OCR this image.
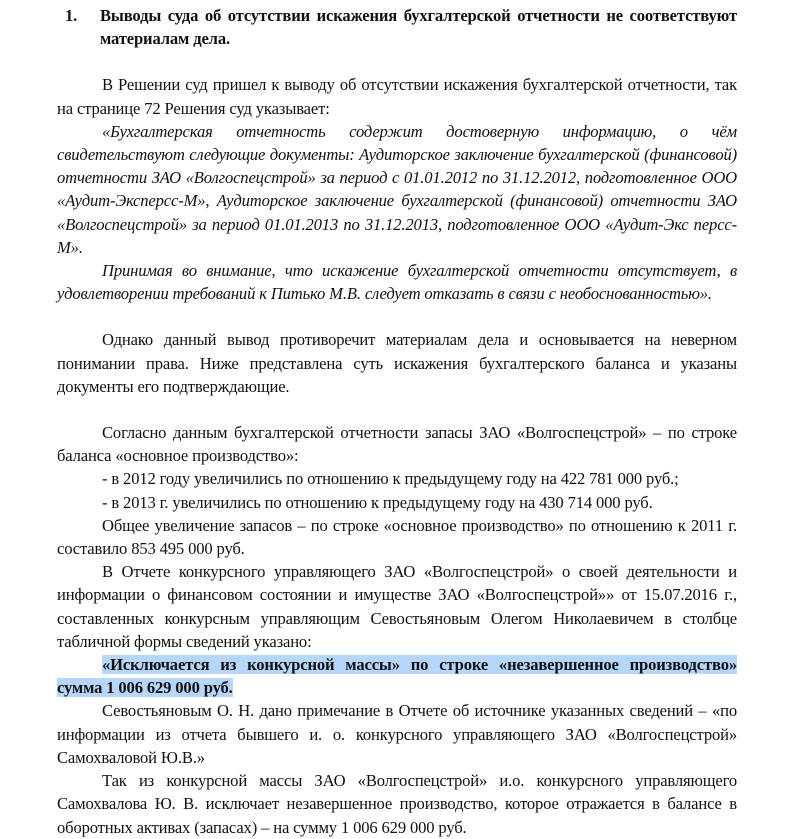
1.	Выводы суда об отсутствии искажения бухгалтерской отчетности не соответствуют материалам дела.

В Решении суд пришел к выводу об отсутствии искажения бухгалтерской отчетности, так на странице 72 Решения суд указывает:

«Бухгалтерская отчетность содержит достоверную информацию, о чём свидетельствуют следующие документы: Аудиторское заключение бухгалтерской (финансовой) отчетности ЗАО «Волгоспецстрой» за период с 01.01.2012 по 31.12.2012, подготовленное ООО «Аудит-Эксперсс-М», Аудиторское заключение бухгалтерской (финансовой) отчетности ЗАО «Волгоспецстрой» за период 01.01.2013 по 31.12.2013, подготовленное ООО «Аудит-Экс персс-М».

Принимая во внимание, что искажение бухгалтерской отчетности отсутствует, в удовлетворении требований к Питько М.В. следует отказать в связи с необоснованностью».

Однако данный вывод противоречит материалам дела и основывается на неверном понимании права. Ниже представлена суть искажения бухгалтерского баланса и указаны документы его подтверждающие.

Согласно данным бухгалтерской отчетности запасы ЗАО «Волгоспецстрой» – по строке баланса «основное производство»:

- в 2012 году увеличились по отношению к предыдущему году на 422 781 000 руб.;

- в 2013 г. увеличились по отношению к предыдущему году на 430 714 000 руб.

Общее увеличение запасов – по строке «основное производство» по отношению к 2011 г. составило 853 495 000 руб.

В Отчете конкурсного управляющего ЗАО «Волгоспецстрой» о своей деятельности и информации о финансовом состоянии и имуществе ЗАО «Волгоспецстрой»» от 15.07.2016 г., составленных конкурсным управляющим Севостьяновым Олегом Николаевичем в столбце табличной формы сведений указано:

«Исключается из конкурсной массы» по строке «незавершенное производство» сумма 1 006 629 000 руб.

Севостьяновым О. Н. дано примечание в Отчете об источнике указанных сведений – «по информации из отчета бывшего и. о. конкурсного управляющего ЗАО «Волгоспецстрой» Самохваловой Ю.В.»

Так из конкурсной массы ЗАО «Волгоспецстрой» и.о. конкурсного управляющего Самохвалова Ю. В. исключает незавершенное производство, которое отражается в балансе в оборотных активах (запасах) – на сумму 1 006 629 000 руб.
